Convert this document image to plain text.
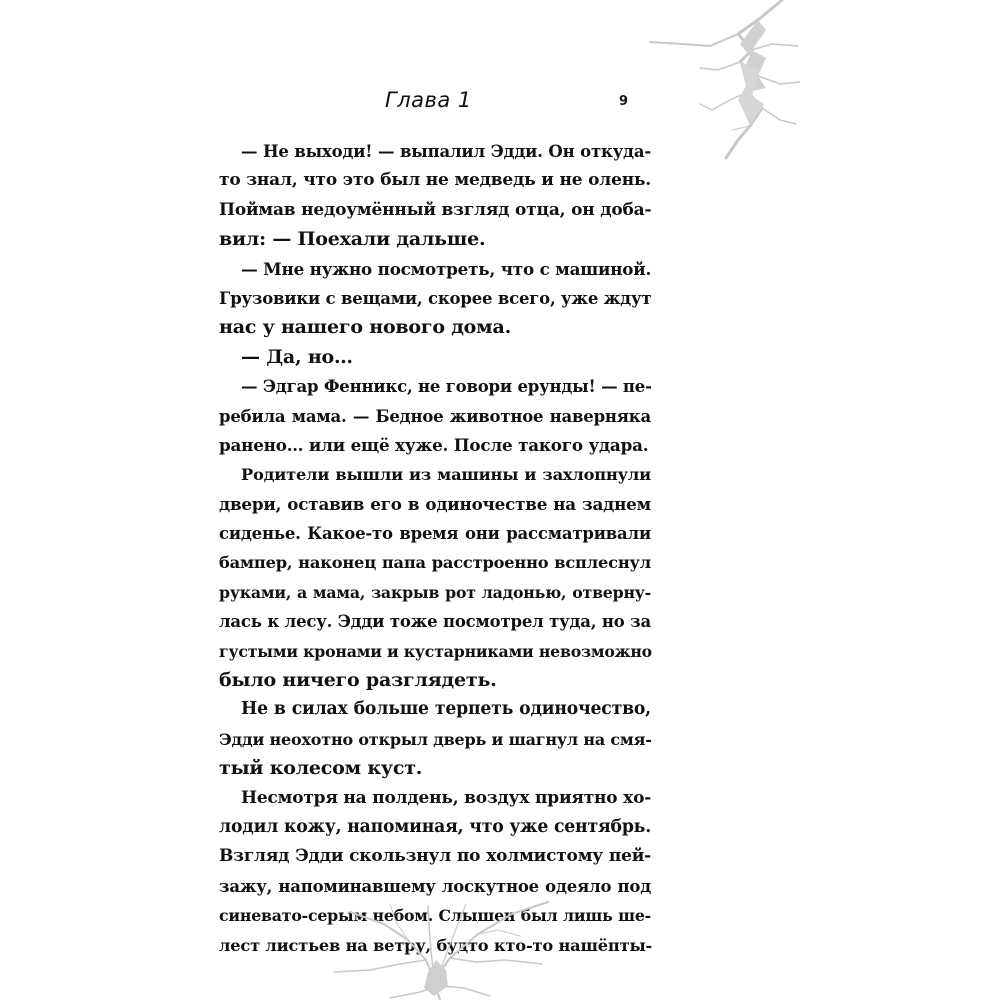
Глава 1	9
— Не выходи! — выпалил Эдди. Он откуда-
то знал, что это был не медведь и не олень.
Поймав недоумённый взгляд отца, он доба-
вил: — Поехали дальше.
— Мне нужно посмотреть, что с машиной.
Грузовики с вещами, скорее всего, уже ждут
нас у нашего нового дома.
— Да, но…
— Эдгар Фенникс, не говори ерунды! — пе-
ребила мама. — Бедное животное наверняка
ранено… или ещё хуже. После такого удара.
Родители вышли из машины и захлопнули
двери, оставив его в одиночестве на заднем
сиденье. Какое-то время они рассматривали
бампер, наконец папа расстроенно всплеснул
руками, а мама, закрыв рот ладонью, отверну-
лась к лесу. Эдди тоже посмотрел туда, но за
густыми кронами и кустарниками невозможно
было ничего разглядеть.
Не в силах больше терпеть одиночество,
Эдди неохотно открыл дверь и шагнул на смя-
тый колесом куст.
Несмотря на полдень, воздух приятно хо-
лодил кожу, напоминая, что уже сентябрь.
Взгляд Эдди скользнул по холмистому пей-
зажу, напоминавшему лоскутное одеяло под
синевато-серым небом. Слышен был лишь ше-
лест листьев на ветру, будто кто-то нашёпты-
